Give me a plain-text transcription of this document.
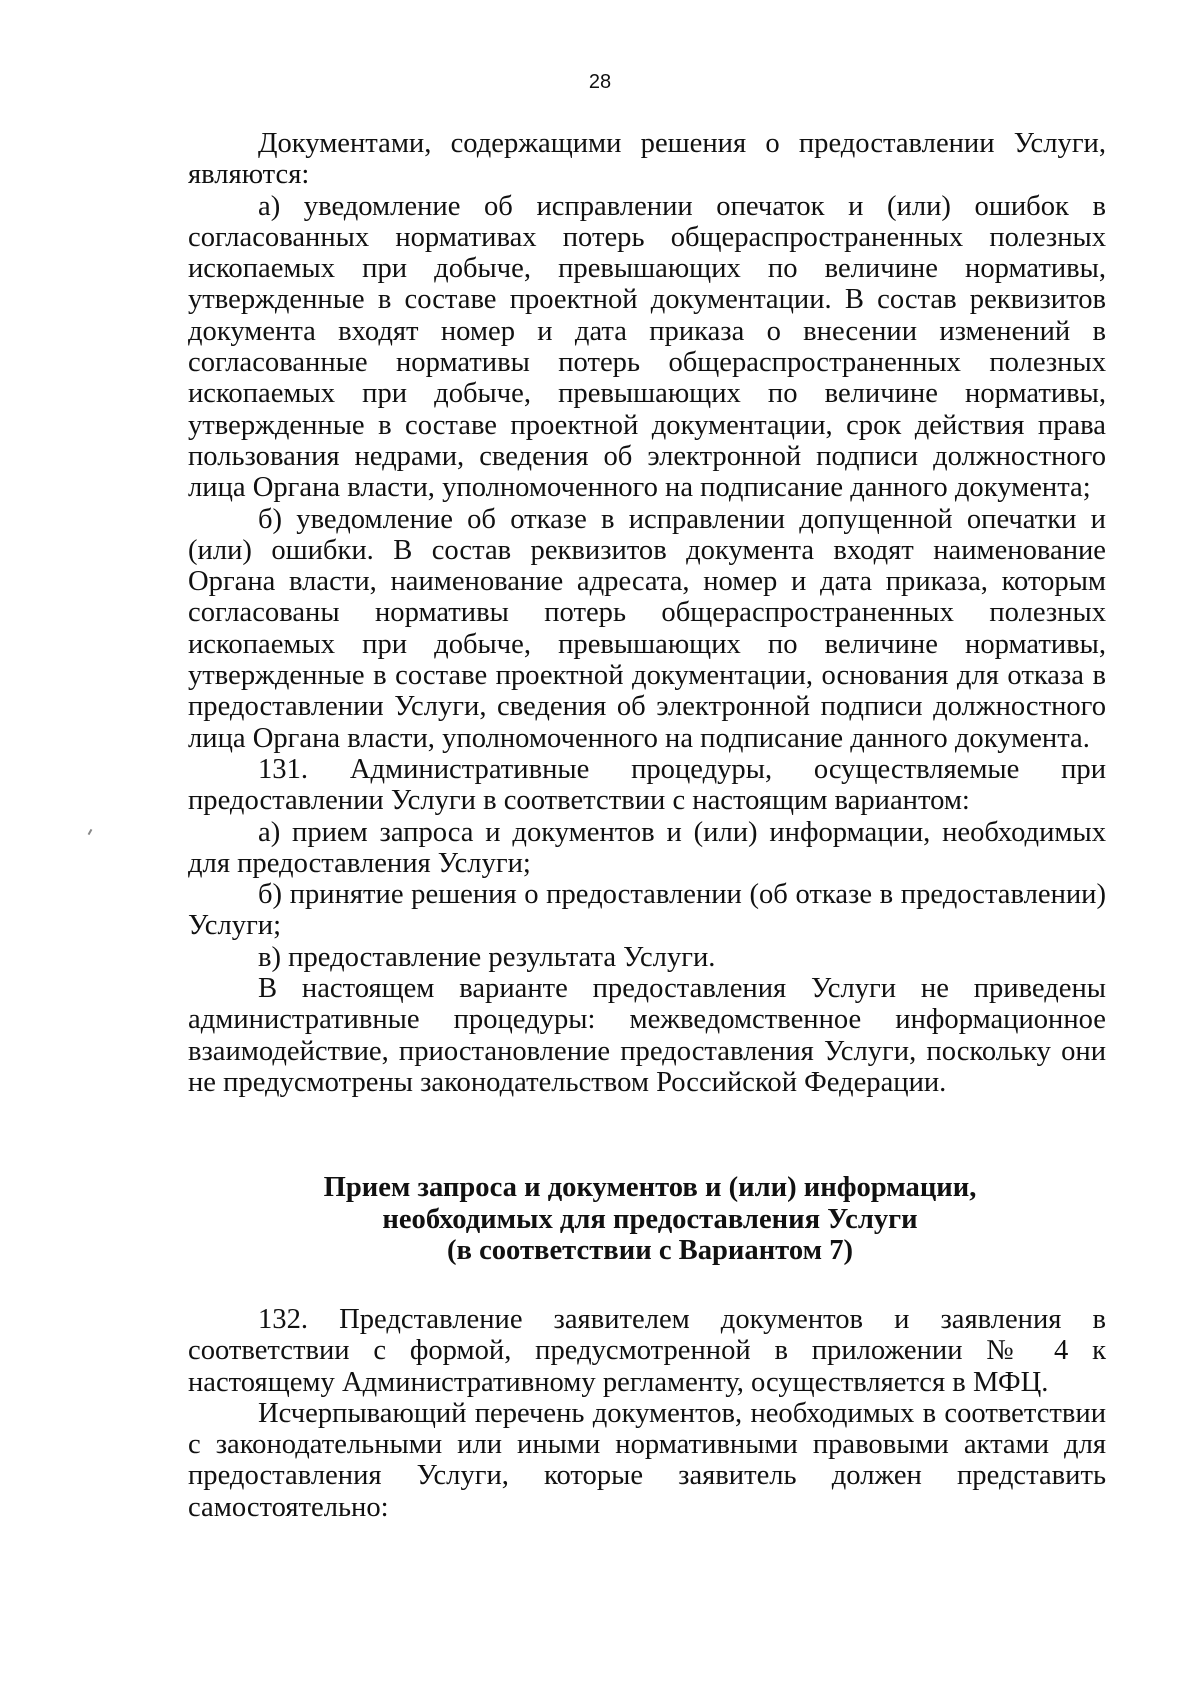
28

Документами, содержащими решения о предоставлении Услуги, являются:

а) уведомление об исправлении опечаток и (или) ошибок в согласованных нормативах потерь общераспространенных полезных ископаемых при добыче, превышающих по величине нормативы, утвержденные в составе проектной документации. В состав реквизитов документа входят номер и дата приказа о внесении изменений в согласованные нормативы потерь общераспространенных полезных ископаемых при добыче, превышающих по величине нормативы, утвержденные в составе проектной документации, срок действия права пользования недрами, сведения об электронной подписи должностного лица Органа власти, уполномоченного на подписание данного документа;

б) уведомление об отказе в исправлении допущенной опечатки и (или) ошибки. В состав реквизитов документа входят наименование Органа власти, наименование адресата, номер и дата приказа, которым согласованы нормативы потерь общераспространенных полезных ископаемых при добыче, превышающих по величине нормативы, утвержденные в составе проектной документации, основания для отказа в предоставлении Услуги, сведения об электронной подписи должностного лица Органа власти, уполномоченного на подписание данного документа.

131. Административные процедуры, осуществляемые при предоставлении Услуги в соответствии с настоящим вариантом:

а) прием запроса и документов и (или) информации, необходимых для предоставления Услуги;

б) принятие решения о предоставлении (об отказе в предоставлении) Услуги;

в) предоставление результата Услуги.

В настоящем варианте предоставления Услуги не приведены административные процедуры: межведомственное информационное взаимодействие, приостановление предоставления Услуги, поскольку они не предусмотрены законодательством Российской Федерации.

Прием запроса и документов и (или) информации,
необходимых для предоставления Услуги
(в соответствии с Вариантом 7)

132. Представление заявителем документов и заявления в соответствии с формой, предусмотренной в приложении № 4 к настоящему Административному регламенту, осуществляется в МФЦ.

Исчерпывающий перечень документов, необходимых в соответствии с законодательными или иными нормативными правовыми актами для предоставления Услуги, которые заявитель должен представить самостоятельно:
